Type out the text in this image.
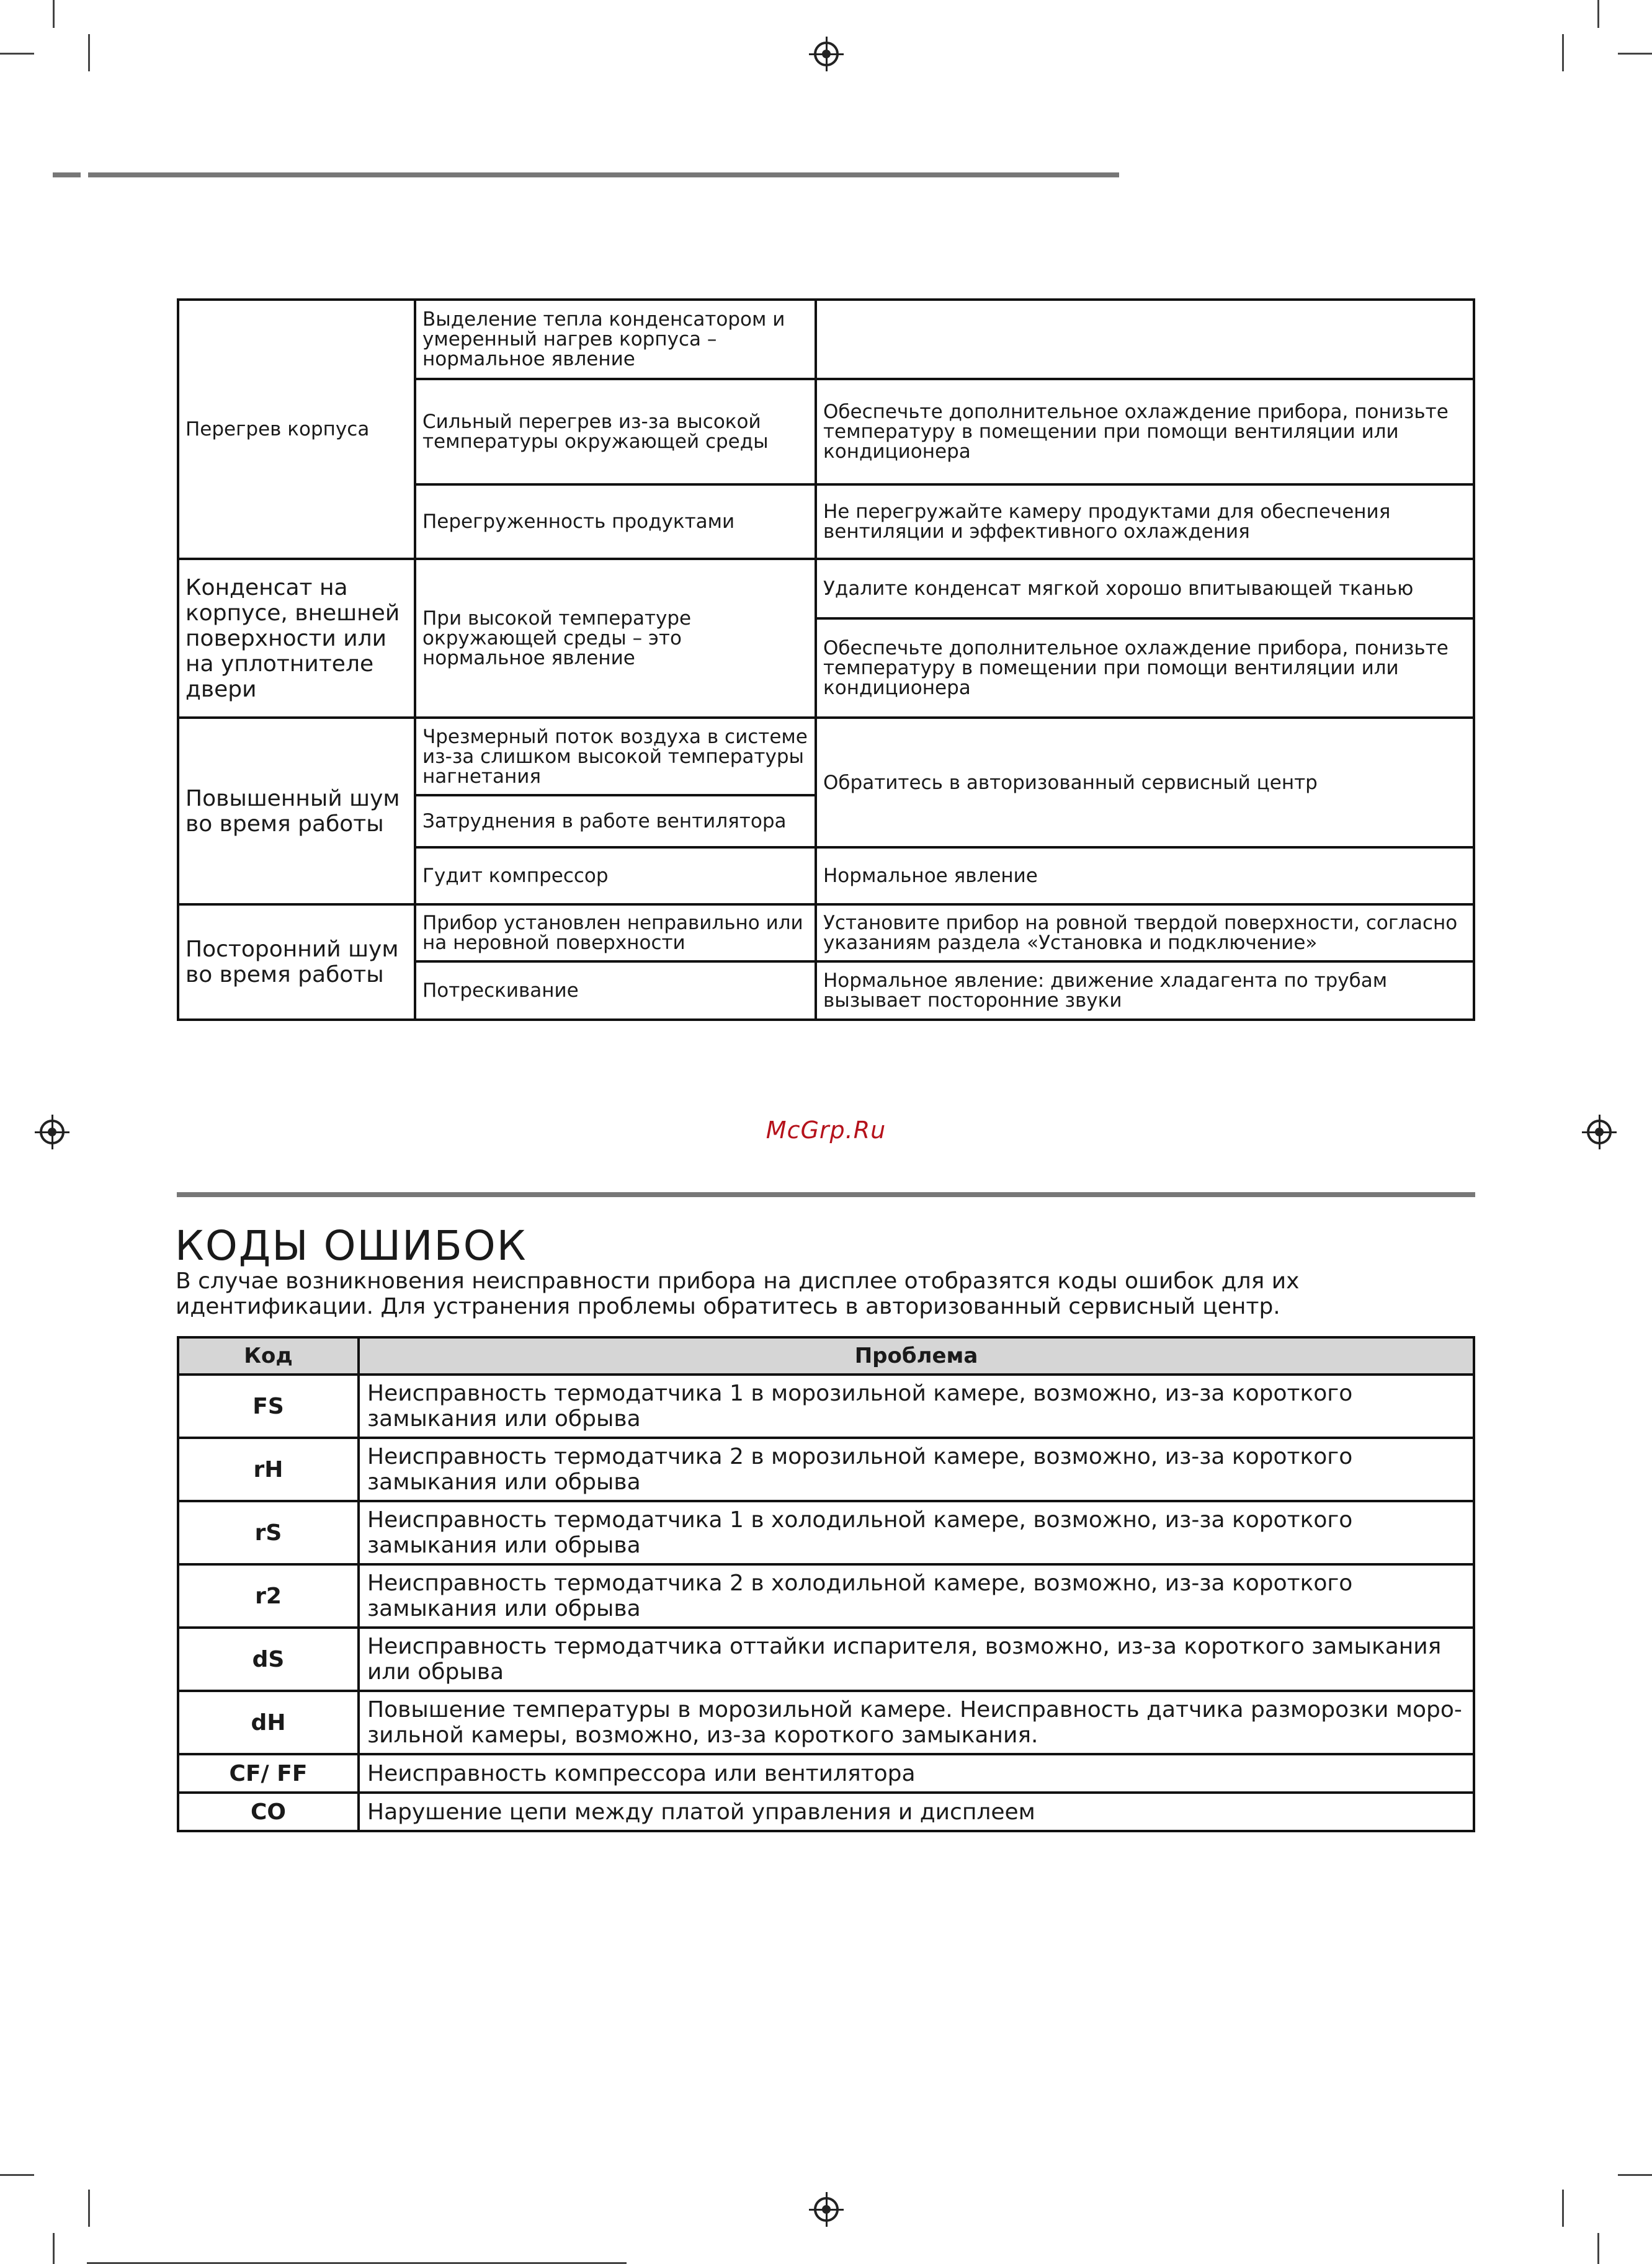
Перегрев корпуса	Выделение тепла конденсатором и умеренный нагрев корпуса – нормальное явление	
	Сильный перегрев из-за высокой температуры окружающей среды	Обеспечьте дополнительное охлаждение прибора, понизьте температуру в помещении при помощи вентиляции или кондиционера
	Перегруженность продуктами	Не перегружайте камеру продуктами для обеспечения вентиляции и эффективного охлаждения
Конденсат на корпусе, внешней поверхности или на уплотнителе двери	При высокой температуре окружающей среды – это нормальное явление	Удалите конденсат мягкой хорошо впитывающей тканью
		Обеспечьте дополнительное охлаждение прибора, понизьте температуру в помещении при помощи вентиляции или кондиционера
Повышенный шум во время работы	Чрезмерный поток воздуха в системе из-за слишком высокой температуры нагнетания	Обратитесь в авторизованный сервисный центр
	Затруднения в работе вентилятора	
	Гудит компрессор	Нормальное явление
Посторонний шум во время работы	Прибор установлен неправильно или на неровной поверхности	Установите прибор на ровной твердой поверхности, согласно указаниям раздела «Установка и подключение»
	Потрескивание	Нормальное явление: движение хладагента по трубам вызывает посторонние звуки
McGrp.Ru
КОДЫ ОШИБОК

В случае возникновения неисправности прибора на дисплее отобразятся коды ошибок для их идентификации. Для устранения проблемы обратитесь в авторизованный сервисный центр.

Код	Проблема
FS	Неисправность термодатчика 1 в морозильной камере, возможно, из-за короткого замыкания или обрыва
rH	Неисправность термодатчика 2 в морозильной камере, возможно, из-за короткого замыкания или обрыва
rS	Неисправность термодатчика 1 в холодильной камере, возможно, из-за короткого замыкания или обрыва
r2	Неисправность термодатчика 2 в холодильной камере, возможно, из-за короткого замыкания или обрыва
dS	Неисправность термодатчика оттайки испарителя, возможно, из-за короткого замыкания или обрыва
dH	Повышение температуры в морозильной камере. Неисправность датчика разморозки моро-зильной камеры, возможно, из-за короткого замыкания.
CF/ FF	Неисправность компрессора или вентилятора
CO	Нарушение цепи между платой управления и дисплеем
